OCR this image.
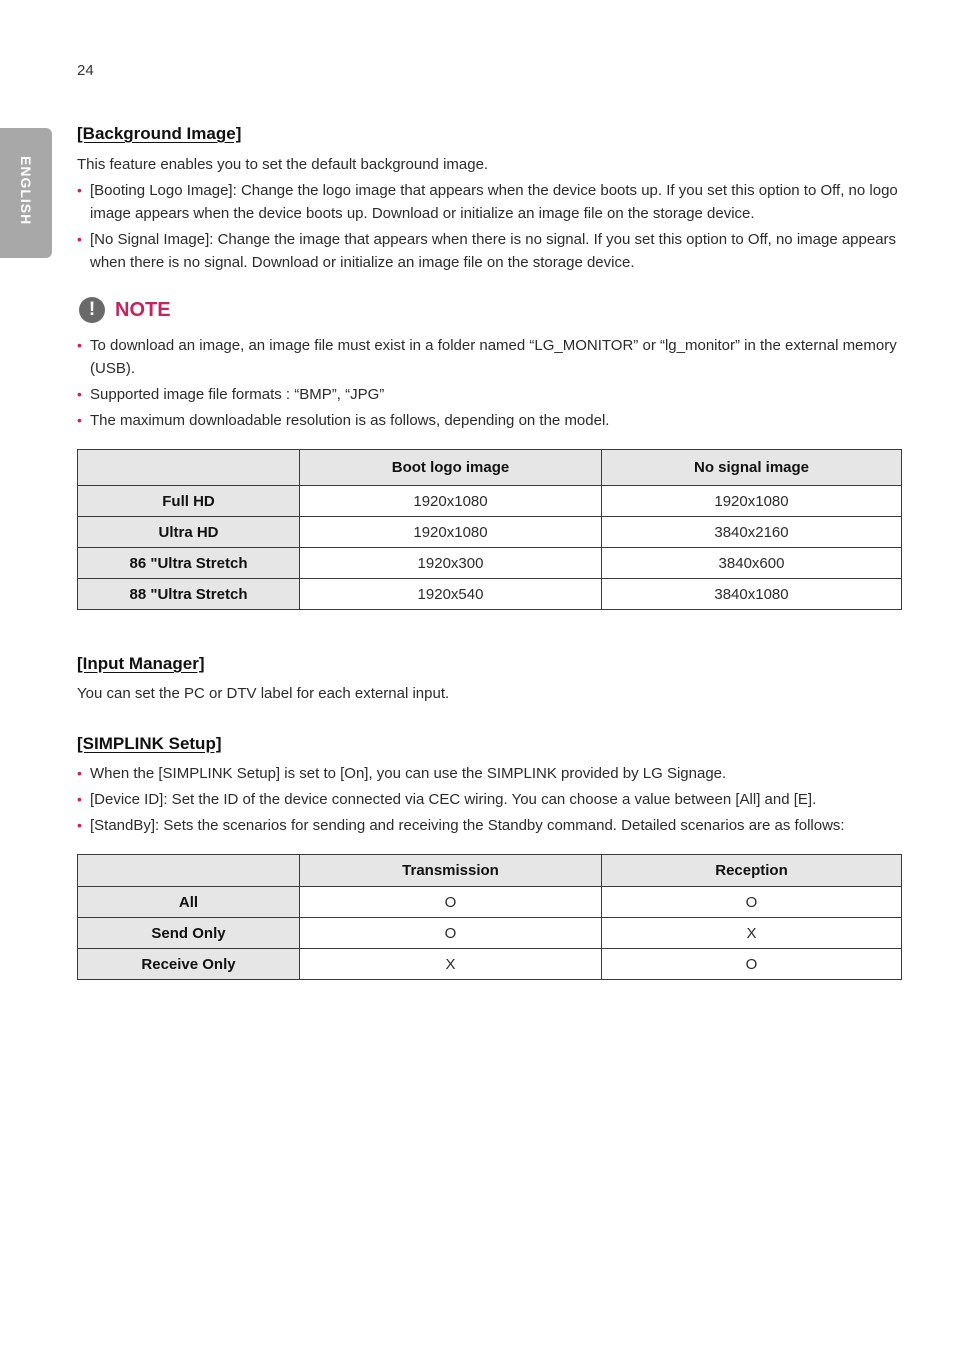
24
ENGLISH
[Background Image]

This feature enables you to set the default background image.

• [Booting Logo Image]: Change the logo image that appears when the device boots up. If you set this option to Off, no logo image appears when the device boots up. Download or initialize an image file on the storage device.
• [No Signal Image]: Change the image that appears when there is no signal. If you set this option to Off, no image appears when there is no signal. Download or initialize an image file on the storage device.
! NOTE
• To download an image, an image file must exist in a folder named “LG_MONITOR” or “lg_monitor” in the external memory (USB).
• Supported image file formats : “BMP”, “JPG”
• The maximum downloadable resolution is as follows, depending on the model.
	Boot logo image	No signal image
Full HD	1920x1080	1920x1080
Ultra HD	1920x1080	3840x2160
86 "Ultra Stretch	1920x300	3840x600
88 "Ultra Stretch	1920x540	3840x1080
[Input Manager]

You can set the PC or DTV label for each external input.

[SIMPLINK Setup]
• When the [SIMPLINK Setup] is set to [On], you can use the SIMPLINK provided by LG Signage.
• [Device ID]: Set the ID of the device connected via CEC wiring. You can choose a value between [All] and [E].
• [StandBy]: Sets the scenarios for sending and receiving the Standby command. Detailed scenarios are as follows:
	Transmission	Reception
All	O	O
Send Only	O	X
Receive Only	X	O
